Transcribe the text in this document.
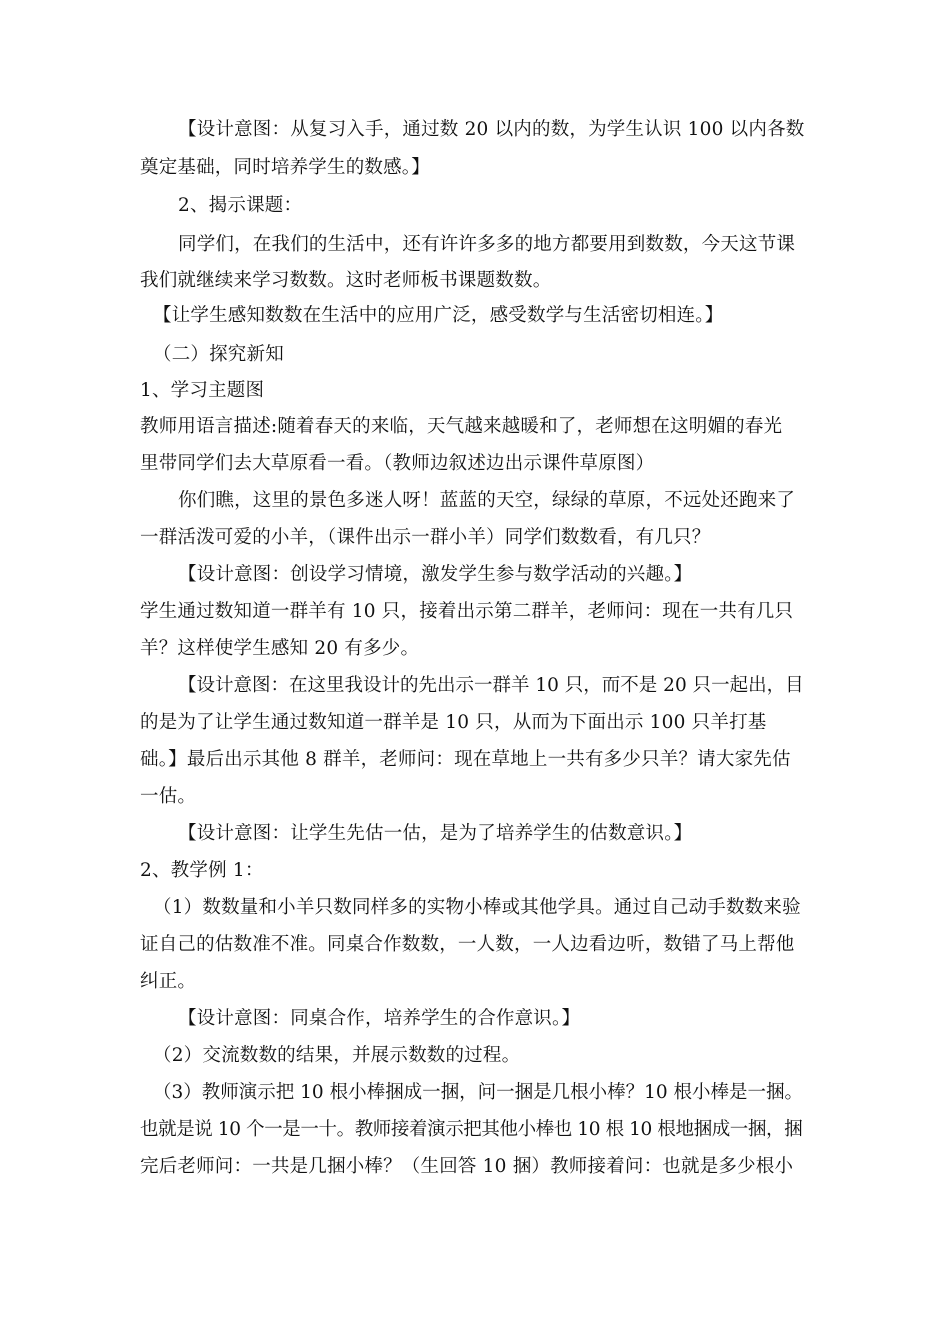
【设计意图：从复习入手，通过数 20 以内的数，为学生认识 100 以内各数
奠定基础，同时培养学生的数感。】
2、揭示课题：
同学们，在我们的生活中，还有许许多多的地方都要用到数数，今天这节课
我们就继续来学习数数。这时老师板书课题数数。
【让学生感知数数在生活中的应用广泛，感受数学与生活密切相连。】
（二）探究新知
1、学习主题图
教师用语言描述:随着春天的来临，天气越来越暖和了，老师想在这明媚的春光
里带同学们去大草原看一看。（教师边叙述边出示课件草原图）
你们瞧，这里的景色多迷人呀！蓝蓝的天空，绿绿的草原，不远处还跑来了
一群活泼可爱的小羊，（课件出示一群小羊）同学们数数看，有几只？
【设计意图：创设学习情境，激发学生参与数学活动的兴趣。】
学生通过数知道一群羊有 10 只，接着出示第二群羊，老师问：现在一共有几只
羊？这样使学生感知 20 有多少。
【设计意图：在这里我设计的先出示一群羊 10 只，而不是 20 只一起出，目
的是为了让学生通过数知道一群羊是 10 只，从而为下面出示 100 只羊打基
础。】最后出示其他 8 群羊，老师问：现在草地上一共有多少只羊？请大家先估
一估。
【设计意图：让学生先估一估，是为了培养学生的估数意识。】
2、教学例 1：
（1）数数量和小羊只数同样多的实物小棒或其他学具。通过自己动手数数来验
证自己的估数准不准。同桌合作数数，一人数，一人边看边听，数错了马上帮他
纠正。
【设计意图：同桌合作，培养学生的合作意识。】
（2）交流数数的结果，并展示数数的过程。
（3）教师演示把 10 根小棒捆成一捆，问一捆是几根小棒？10 根小棒是一捆。
也就是说 10 个一是一十。教师接着演示把其他小棒也 10 根 10 根地捆成一捆，捆
完后老师问：一共是几捆小棒？（生回答 10 捆）教师接着问：也就是多少根小
